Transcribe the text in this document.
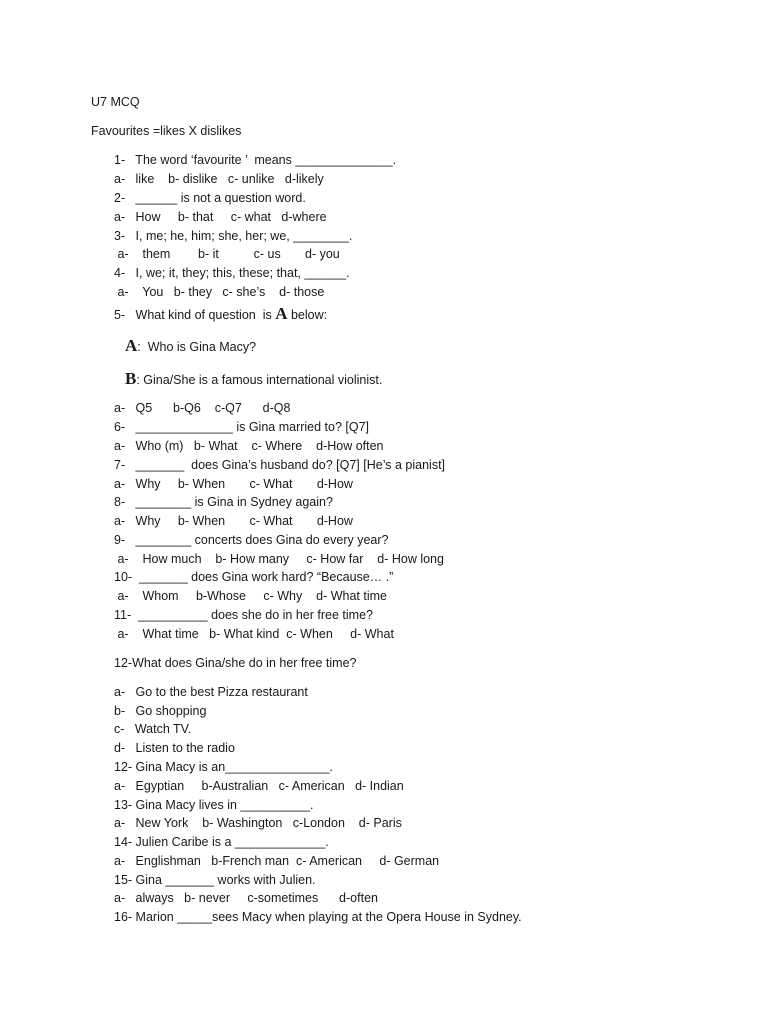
U7 MCQ
Favourites =likes X dislikes
1-   The word ‘favourite ’  means ______________.
a-   like    b- dislike   c- unlike   d-likely
2-   ______ is not a question word.
a-   How     b- that     c- what   d-where
3-   I, me; he, him; she, her; we, ________.
a-    them        b- it          c- us       d- you
4-   I, we; it, they; this, these; that, ______.
a-    You   b- they   c- she’s    d- those
5-   What kind of question  is A below:
A:  Who is Gina Macy?
B: Gina/She is a famous international violinist.
a-   Q5      b-Q6    c-Q7      d-Q8
6-   ______________ is Gina married to? [Q7]
a-   Who (m)   b- What    c- Where    d-How often
7-   _______  does Gina’s husband do? [Q7] [He’s a pianist]
a-   Why     b- When       c- What       d-How
8-   ________ is Gina in Sydney again?
a-   Why     b- When       c- What       d-How
9-   ________ concerts does Gina do every year?
a-    How much    b- How many     c- How far    d- How long
10-  _______ does Gina work hard? “Because… .”
a-    Whom     b-Whose     c- Why    d- What time
11-  __________ does she do in her free time?
a-    What time   b- What kind  c- When     d- What
12-What does Gina/she do in her free time?
a-   Go to the best Pizza restaurant
b-   Go shopping
c-   Watch TV.
d-   Listen to the radio
12- Gina Macy is an_______________.
a-   Egyptian     b-Australian   c- American   d- Indian
13- Gina Macy lives in __________.
a-   New York    b- Washington   c-London    d- Paris
14- Julien Caribe is a _____________.
a-   Englishman   b-French man  c- American     d- German
15- Gina _______ works with Julien.
a-   always   b- never     c-sometimes      d-often
16- Marion _____sees Macy when playing at the Opera House in Sydney.
